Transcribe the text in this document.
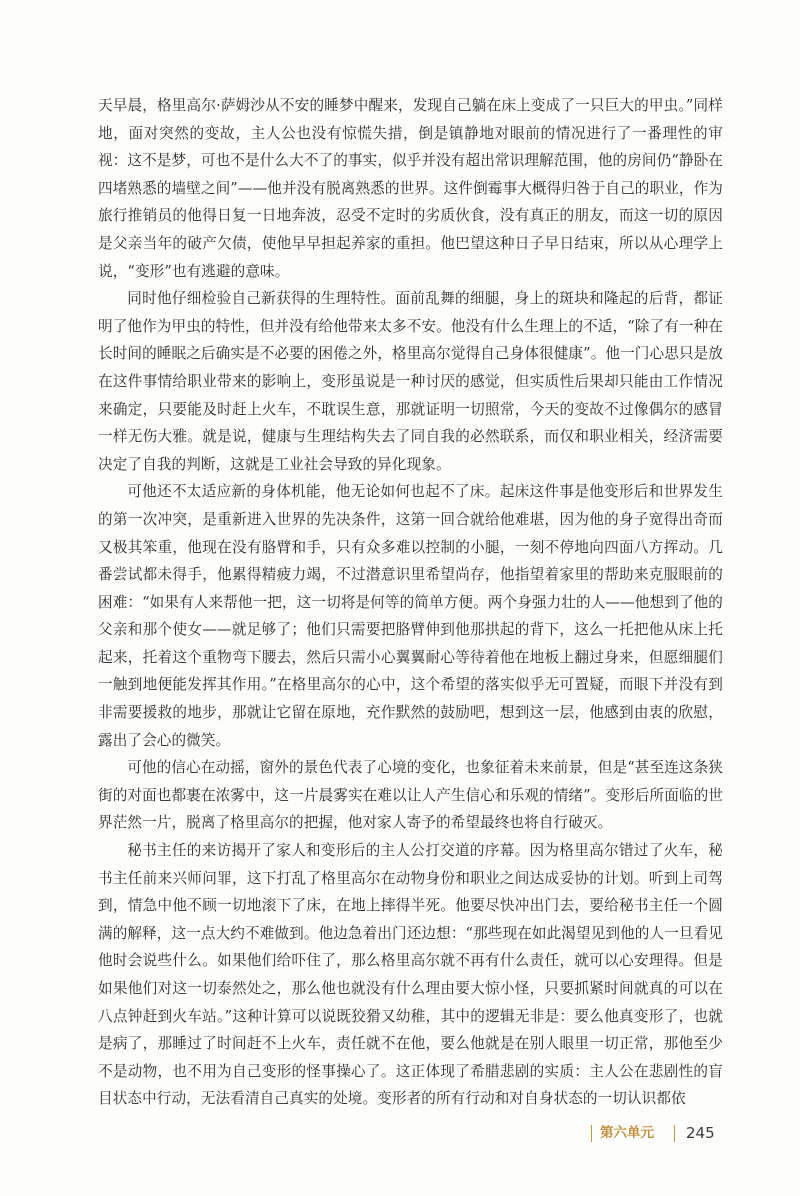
天早晨，格里高尔·萨姆沙从不安的睡梦中醒来，发现自己躺在床上变成了一只巨大的甲虫。”同样地，面对突然的变故，主人公也没有惊慌失措，倒是镇静地对眼前的情况进行了一番理性的审视：这不是梦，可也不是什么大不了的事实，似乎并没有超出常识理解范围，他的房间仍“静卧在四堵熟悉的墙壁之间”——他并没有脱离熟悉的世界。这件倒霉事大概得归咎于自己的职业，作为旅行推销员的他得日复一日地奔波，忍受不定时的劣质伙食，没有真正的朋友，而这一切的原因是父亲当年的破产欠债，使他早早担起养家的重担。他巴望这种日子早日结束，所以从心理学上说，“变形”也有逃避的意味。

同时他仔细检验自己新获得的生理特性。面前乱舞的细腿，身上的斑块和隆起的后背，都证明了他作为甲虫的特性，但并没有给他带来太多不安。他没有什么生理上的不适，“除了有一种在长时间的睡眠之后确实是不必要的困倦之外，格里高尔觉得自己身体很健康”。他一门心思只是放在这件事情给职业带来的影响上，变形虽说是一种讨厌的感觉，但实质性后果却只能由工作情况来确定，只要能及时赶上火车，不耽误生意，那就证明一切照常，今天的变故不过像偶尔的感冒一样无伤大雅。就是说，健康与生理结构失去了同自我的必然联系，而仅和职业相关，经济需要决定了自我的判断，这就是工业社会导致的异化现象。

可他还不太适应新的身体机能，他无论如何也起不了床。起床这件事是他变形后和世界发生的第一次冲突，是重新进入世界的先决条件，这第一回合就给他难堪，因为他的身子宽得出奇而又极其笨重，他现在没有胳臂和手，只有众多难以控制的小腿，一刻不停地向四面八方挥动。几番尝试都未得手，他累得精疲力竭，不过潜意识里希望尚存，他指望着家里的帮助来克服眼前的困难：“如果有人来帮他一把，这一切将是何等的简单方便。两个身强力壮的人——他想到了他的父亲和那个使女——就足够了；他们只需要把胳臂伸到他那拱起的背下，这么一托把他从床上托起来，托着这个重物弯下腰去，然后只需小心翼翼耐心等待着他在地板上翻过身来，但愿细腿们一触到地便能发挥其作用。”在格里高尔的心中，这个希望的落实似乎无可置疑，而眼下并没有到非需要援救的地步，那就让它留在原地，充作默然的鼓励吧，想到这一层，他感到由衷的欣慰，露出了会心的微笑。

可他的信心在动摇，窗外的景色代表了心境的变化，也象征着未来前景，但是“甚至连这条狭街的对面也都裹在浓雾中，这一片晨雾实在难以让人产生信心和乐观的情绪”。变形后所面临的世界茫然一片，脱离了格里高尔的把握，他对家人寄予的希望最终也将自行破灭。

秘书主任的来访揭开了家人和变形后的主人公打交道的序幕。因为格里高尔错过了火车，秘书主任前来兴师问罪，这下打乱了格里高尔在动物身份和职业之间达成妥协的计划。听到上司驾到，情急中他不顾一切地滚下了床，在地上摔得半死。他要尽快冲出门去，要给秘书主任一个圆满的解释，这一点大约不难做到。他边急着出门还边想：“那些现在如此渴望见到他的人一旦看见他时会说些什么。如果他们给吓住了，那么格里高尔就不再有什么责任，就可以心安理得。但是如果他们对这一切泰然处之，那么他也就没有什么理由要大惊小怪，只要抓紧时间就真的可以在八点钟赶到火车站。”这种计算可以说既狡猾又幼稚，其中的逻辑无非是：要么他真变形了，也就是病了，那睡过了时间赶不上火车，责任就不在他，要么他就是在别人眼里一切正常，那他至少不是动物，也不用为自己变形的怪事操心了。这正体现了希腊悲剧的实质：主人公在悲剧性的盲目状态中行动，无法看清自己真实的处境。变形者的所有行动和对自身状态的一切认识都依

第六单元 245
